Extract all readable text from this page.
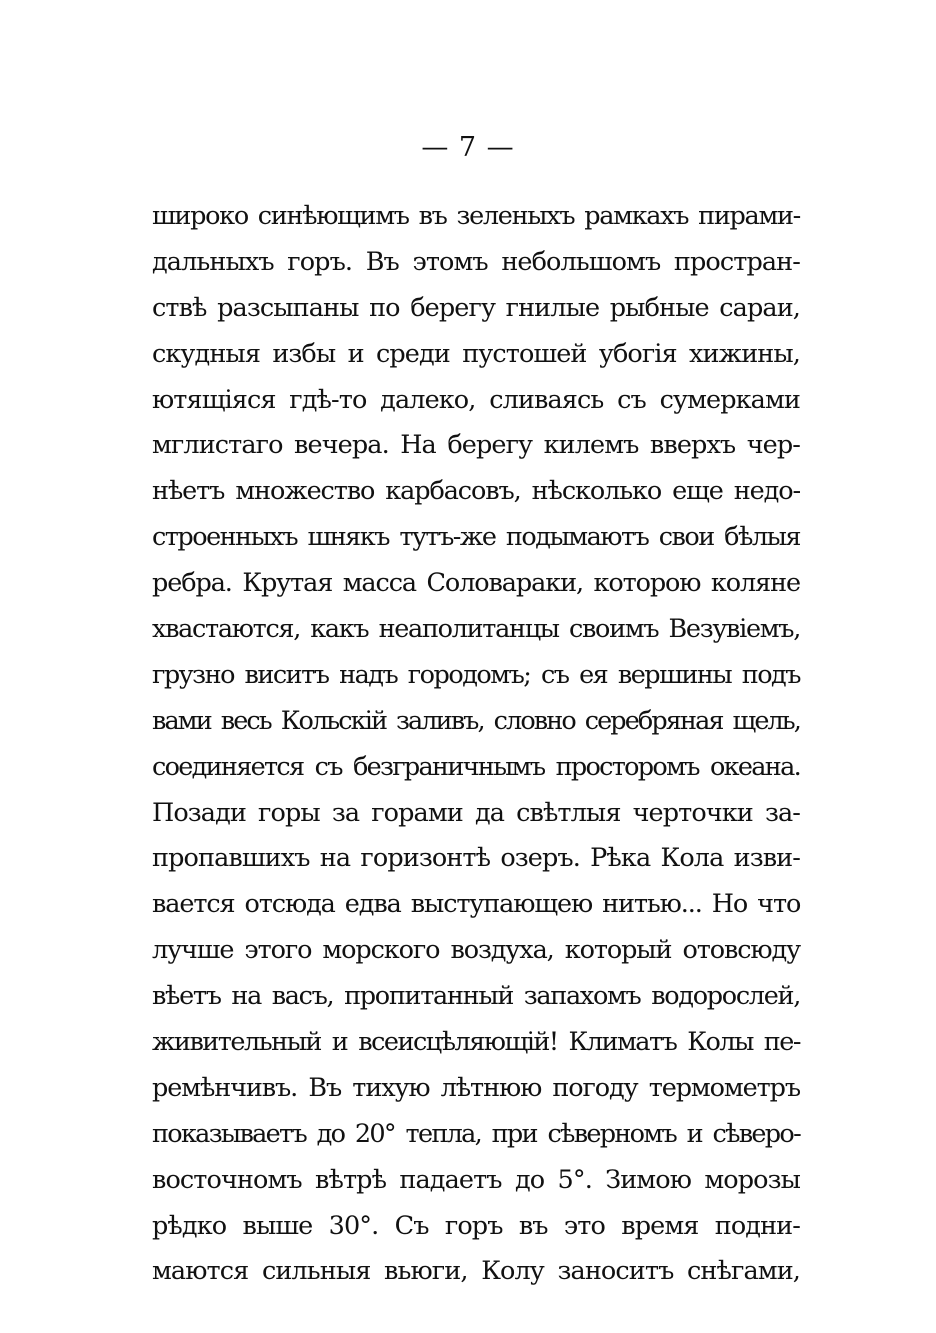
— 7 —
широко синѣющимъ въ зеленыхъ рамкахъ пирами-
дальныхъ горъ. Въ этомъ небольшомъ простран-
ствѣ разсыпаны по берегу гнилые рыбные сараи,
скудныя избы и среди пустошей убогія хижины,
ютящіяся гдѣ-то далеко, сливаясь съ сумерками
мглистаго вечера. На берегу килемъ вверхъ чер-
нѣетъ множество карбасовъ, нѣсколько еще недо-
строенныхъ шнякъ тутъ-же подымаютъ свои бѣлыя
ребра. Крутая масса Соловараки, которою коляне
хвастаются, какъ неаполитанцы своимъ Везувіемъ,
грузно виситъ надъ городомъ; съ ея вершины подъ
вами весь Кольскій заливъ, словно серебряная щель,
соединяется съ безграничнымъ просторомъ океана.
Позади горы за горами да свѣтлыя черточки за-
пропавшихъ на горизонтѣ озеръ. Рѣка Кола изви-
вается отсюда едва выступающею нитью... Но что
лучше этого морского воздуха, который отовсюду
вѣетъ на васъ, пропитанный запахомъ водорослей,
живительный и всеисцѣляющій! Климатъ Колы пе-
ремѣнчивъ. Въ тихую лѣтнюю погоду термометръ
показываетъ до 20° тепла, при сѣверномъ и сѣверо-
восточномъ вѣтрѣ падаетъ до 5°. Зимою морозы
рѣдко выше 30°. Съ горъ въ это время подни-
маются сильныя вьюги, Колу заноситъ снѣгами,
